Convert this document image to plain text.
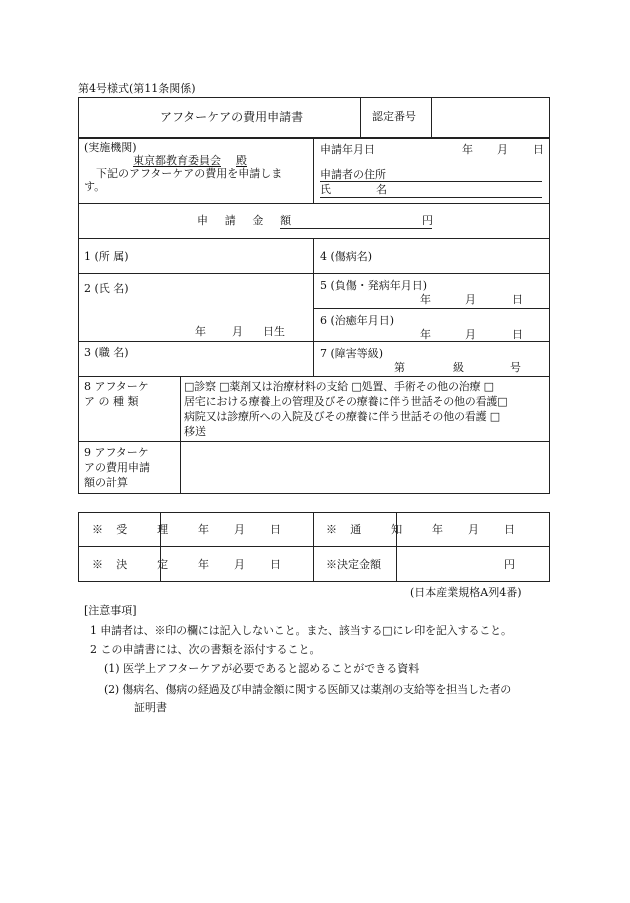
第4号様式(第11条関係)
アフターケアの費用申請書	認定番号
(実施機関)
東京都教育委員会 殿
下記のアフターケアの費用を申請しま
す。
申請年月日	年 月 日
申請者の住所
氏	名
申 請 金 額	円
1 (所 属)	4 (傷病名)
2 (氏 名)
年 月 日生
5 (負傷・発病年月日)
年	月	日
6 (治癒年月日)
年	月	日
3 (職 名)	7 (障害等級)
第	級	号
8 アフターケ
ア の 種 類
□診察 □薬剤又は治療材料の支給 □処置、手術その他の治療 □
居宅における療養上の管理及びその療養に伴う世話その他の看護□
病院又は診療所への入院及びその療養に伴う世話その他の看護 □
移送
9 アフターケ
アの費用申請
額の計算
※受 理 年 月 日	※通 知 年 月 日
※決 定 年 月 日	※決定金額	円
(日本産業規格A列4番)
[注意事項]
1 申請者は、※印の欄には記入しないこと。また、該当する□にレ印を記入すること。
2 この申請書には、次の書類を添付すること。
(1) 医学上アフターケアが必要であると認めることができる資料
(2) 傷病名、傷病の経過及び申請金額に関する医師又は薬剤の支給等を担当した者の
証明書
